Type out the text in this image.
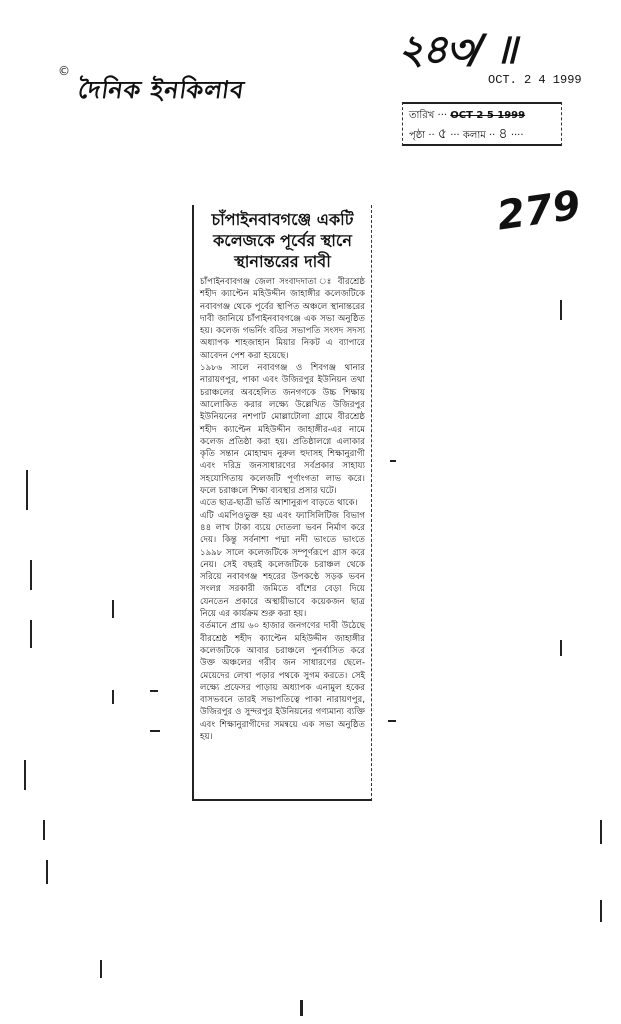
©
দৈনিক ইনকিলাব
২৪৩/ ॥
OCT. 2 4 1999
তারিখ ··· OCT 2 5 1999
পৃষ্ঠা ·· ৫ ··· কলাম ·· ৪ ····
279
চাঁপাইনবাবগঞ্জে একটি
কলেজকে পূর্বের স্থানে
স্থানান্তরের দাবী

চাঁপাইনবাবগঞ্জ জেলা সংবাদদাতা ঃ বীরশ্রেষ্ঠ শহীদ ক্যাপ্টেন মহিউদ্দীন জাহাঙ্গীর কলেজটিকে নবাবগঞ্জ থেকে পূর্বের স্থাপিত অঞ্চলে স্থানান্তরের দাবী জানিয়ে চাঁপাইনবাবগঞ্জে এক সভা অনুষ্ঠিত হয়। কলেজ গভর্নিং বডির সভাপতি সংসদ সদস্য অধ্যাপক শাহজাহান মিয়ার নিকট এ ব্যাপারে আবেদন পেশ করা হয়েছে।

১৯৮৬ সালে নবাবগঞ্জ ও শিবগঞ্জ থানার নারায়ণপুর, পাকা এবং উজিরপুর ইউনিয়ন তথা চরাঞ্চলের অবহেলিত জনগণকে উচ্চ শিক্ষায় আলোকিত করার লক্ষ্যে উল্লেখিত উজিরপুর ইউনিয়নের নশপাট মোল্লাটোলা গ্রামে বীরশ্রেষ্ঠ শহীদ ক্যাপ্টেন মহিউদ্দীন জাহাঙ্গীর-এর নামে কলেজ প্রতিষ্ঠা করা হয়। প্রতিষ্ঠালগ্নে এলাকার কৃতি সন্তান মোহাম্মদ নুরুল হুদাসহ শিক্ষানুরাগী এবং দরিদ্র জনসাধারণের সর্বপ্রকার সাহায্য সহযোগিতায় কলেজটি পূর্ণাংগতা লাভ করে। ফলে চরাঞ্চলে শিক্ষা ব্যবস্থার প্রসার ঘটে।

এতে ছাত্র-ছাত্রী ভর্তি আশানুরূপ বাড়তে থাকে।

এটি এমপিওভুক্ত হয় এবং ফ্যাসিলিটিজ বিভাগ ৪৪ লাখ টাকা ব্যয়ে দোতলা ভবন নির্মাণ করে দেয়। কিন্তু সর্বনাশা পদ্মা নদী ভাংতে ভাংতে ১৯৯৮ সালে কলেজটিকে সম্পূর্ণরূপে গ্রাস করে নেয়। সেই বছরই কলেজটিকে চরাঞ্চল থেকে সরিয়ে নবাবগঞ্জ শহরের উপকণ্ঠে সড়ক ভবন সংলগ্ন সরকারী জমিতে বাঁশের বেড়া দিয়ে যেনতেন প্রকারে অস্থায়ীভাবে কয়েকজন ছাত্র নিয়ে এর কার্যক্রম শুরু করা হয়।

বর্তমানে প্রায় ৬০ হাজার জনগণের দাবী উঠেছে বীরশ্রেষ্ঠ শহীদ ক্যাপ্টেন মহিউদ্দীন জাহাঙ্গীর কলেজটিকে আবার চরাঞ্চলে পুনর্বাসিত করে উক্ত অঞ্চলের গরীব জন সাধারণের ছেলে-মেয়েদের লেখা পড়ার পথকে সুগম করতে। সেই লক্ষ্যে প্রফেসর পাড়ায় অধ্যাপক এনামুল হকের বাসভবনে তারই সভাপতিত্বে পাকা নারায়ণপুর, উজিরপুর ও সুন্দরপুর ইউনিয়নের গণ্যমান্য ব্যক্তি এবং শিক্ষানুরাগীদের সমন্বয়ে এক সভা অনুষ্ঠিত হয়।
